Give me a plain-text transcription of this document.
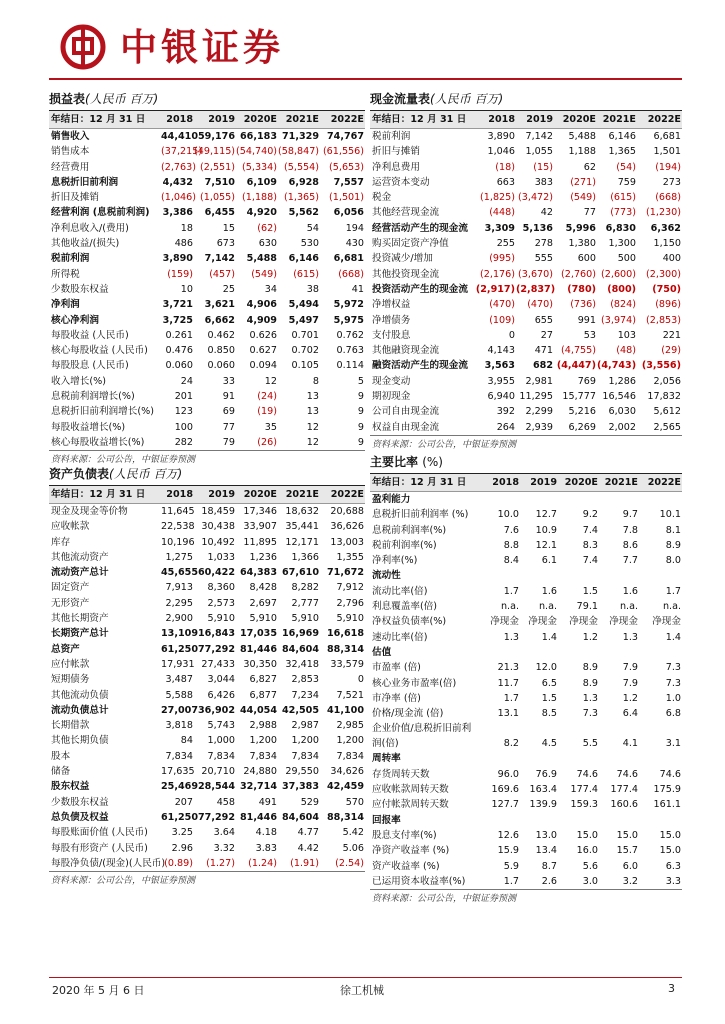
中银证券
损益表(人民币 百万)
年结日：12 月 31 日	2018	2019	2020E	2021E	2022E
销售收入	44,410	59,176	66,183	71,329	74,767
销售成本	(37,215)	(49,115)	(54,740)	(58,847)	(61,556)
经营费用	(2,763)	(2,551)	(5,334)	(5,554)	(5,653)
息税折旧前利润	4,432	7,510	6,109	6,928	7,557
折旧及摊销	(1,046)	(1,055)	(1,188)	(1,365)	(1,501)
经营利润 (息税前利润)	3,386	6,455	4,920	5,562	6,056
净利息收入/(费用)	18	15	(62)	54	194
其他收益/(损失)	486	673	630	530	430
税前利润	3,890	7,142	5,488	6,146	6,681
所得税	(159)	(457)	(549)	(615)	(668)
少数股东权益	10	25	34	38	41
净利润	3,721	3,621	4,906	5,494	5,972
核心净利润	3,725	6,662	4,909	5,497	5,975
每股收益 (人民币)	0.261	0.462	0.626	0.701	0.762
核心每股收益 (人民币)	0.476	0.850	0.627	0.702	0.763
每股股息 (人民币)	0.060	0.060	0.094	0.105	0.114
收入增长(%)	24	33	12	8	5
息税前利润增长(%)	201	91	(24)	13	9
息税折旧前利润增长(%)	123	69	(19)	13	9
每股收益增长(%)	100	77	35	12	9
核心每股收益增长(%)	282	79	(26)	12	9
资料来源：公司公告，中银证券预测
现金流量表(人民币 百万)
年结日：12 月 31 日	2018	2019	2020E	2021E	2022E
税前利润	3,890	7,142	5,488	6,146	6,681
折旧与摊销	1,046	1,055	1,188	1,365	1,501
净利息费用	(18)	(15)	62	(54)	(194)
运营资本变动	663	383	(271)	759	273
税金	(1,825)	(3,472)	(549)	(615)	(668)
其他经营现金流	(448)	42	77	(773)	(1,230)
经营活动产生的现金流	3,309	5,136	5,996	6,830	6,362
购买固定资产净值	255	278	1,380	1,300	1,150
投资减少/增加	(995)	555	600	500	400
其他投资现金流	(2,176)	(3,670)	(2,760)	(2,600)	(2,300)
投资活动产生的现金流	(2,917)	(2,837)	(780)	(800)	(750)
净增权益	(470)	(470)	(736)	(824)	(896)
净增债务	(109)	655	991	(3,974)	(2,853)
支付股息	0	27	53	103	221
其他融资现金流	4,143	471	(4,755)	(48)	(29)
融资活动产生的现金流	3,563	682	(4,447)	(4,743)	(3,556)
现金变动	3,955	2,981	769	1,286	2,056
期初现金	6,940	11,295	15,777	16,546	17,832
公司自由现金流	392	2,299	5,216	6,030	5,612
权益自由现金流	264	2,939	6,269	2,002	2,565
资料来源：公司公告，中银证券预测
资产负债表(人民币 百万)
年结日：12 月 31 日	2018	2019	2020E	2021E	2022E
现金及现金等价物	11,645	18,459	17,346	18,632	20,688
应收帐款	22,538	30,438	33,907	35,441	36,626
库存	10,196	10,492	11,895	12,171	13,003
其他流动资产	1,275	1,033	1,236	1,366	1,355
流动资产总计	45,655	60,422	64,383	67,610	71,672
固定资产	7,913	8,360	8,428	8,282	7,912
无形资产	2,295	2,573	2,697	2,777	2,796
其他长期资产	2,900	5,910	5,910	5,910	5,910
长期资产总计	13,109	16,843	17,035	16,969	16,618
总资产	61,250	77,292	81,446	84,604	88,314
应付帐款	17,931	27,433	30,350	32,418	33,579
短期债务	3,487	3,044	6,827	2,853	0
其他流动负债	5,588	6,426	6,877	7,234	7,521
流动负债总计	27,007	36,902	44,054	42,505	41,100
长期借款	3,818	5,743	2,988	2,987	2,985
其他长期负债	84	1,000	1,200	1,200	1,200
股本	7,834	7,834	7,834	7,834	7,834
储备	17,635	20,710	24,880	29,550	34,626
股东权益	25,469	28,544	32,714	37,383	42,459
少数股东权益	207	458	491	529	570
总负债及权益	61,250	77,292	81,446	84,604	88,314
每股账面价值 (人民币)	3.25	3.64	4.18	4.77	5.42
每股有形资产 (人民币)	2.96	3.32	3.83	4.42	5.06
每股净负债/(现金)(人民币)	(0.89)	(1.27)	(1.24)	(1.91)	(2.54)
资料来源：公司公告，中银证券预测
主要比率 (%)
年结日：12 月 31 日	2018	2019	2020E	2021E	2022E
盈利能力					
息税折旧前利润率 (%)	10.0	12.7	9.2	9.7	10.1
息税前利润率(%)	7.6	10.9	7.4	7.8	8.1
税前利润率(%)	8.8	12.1	8.3	8.6	8.9
净利率(%)	8.4	6.1	7.4	7.7	8.0
流动性					
流动比率(倍)	1.7	1.6	1.5	1.6	1.7
利息覆盖率(倍)	n.a.	n.a.	79.1	n.a.	n.a.
净权益负债率(%)	净现金	净现金	净现金	净现金	净现金
速动比率(倍)	1.3	1.4	1.2	1.3	1.4
估值					
市盈率 (倍)	21.3	12.0	8.9	7.9	7.3
核心业务市盈率(倍)	11.7	6.5	8.9	7.9	7.3
市净率 (倍)	1.7	1.5	1.3	1.2	1.0
价格/现金流 (倍)	13.1	8.5	7.3	6.4	6.8
企业价值/息税折旧前利润(倍)	8.2	4.5	5.5	4.1	3.1
周转率					
存货周转天数	96.0	76.9	74.6	74.6	74.6
应收帐款周转天数	169.6	163.4	177.4	177.4	175.9
应付帐款周转天数	127.7	139.9	159.3	160.6	161.1
回报率					
股息支付率(%)	12.6	13.0	15.0	15.0	15.0
净资产收益率 (%)	15.9	13.4	16.0	15.7	15.0
资产收益率 (%)	5.9	8.7	5.6	6.0	6.3
已运用资本收益率(%)	1.7	2.6	3.0	3.2	3.3
资料来源：公司公告，中银证券预测
2020 年 5 月 6 日	徐工机械	3
